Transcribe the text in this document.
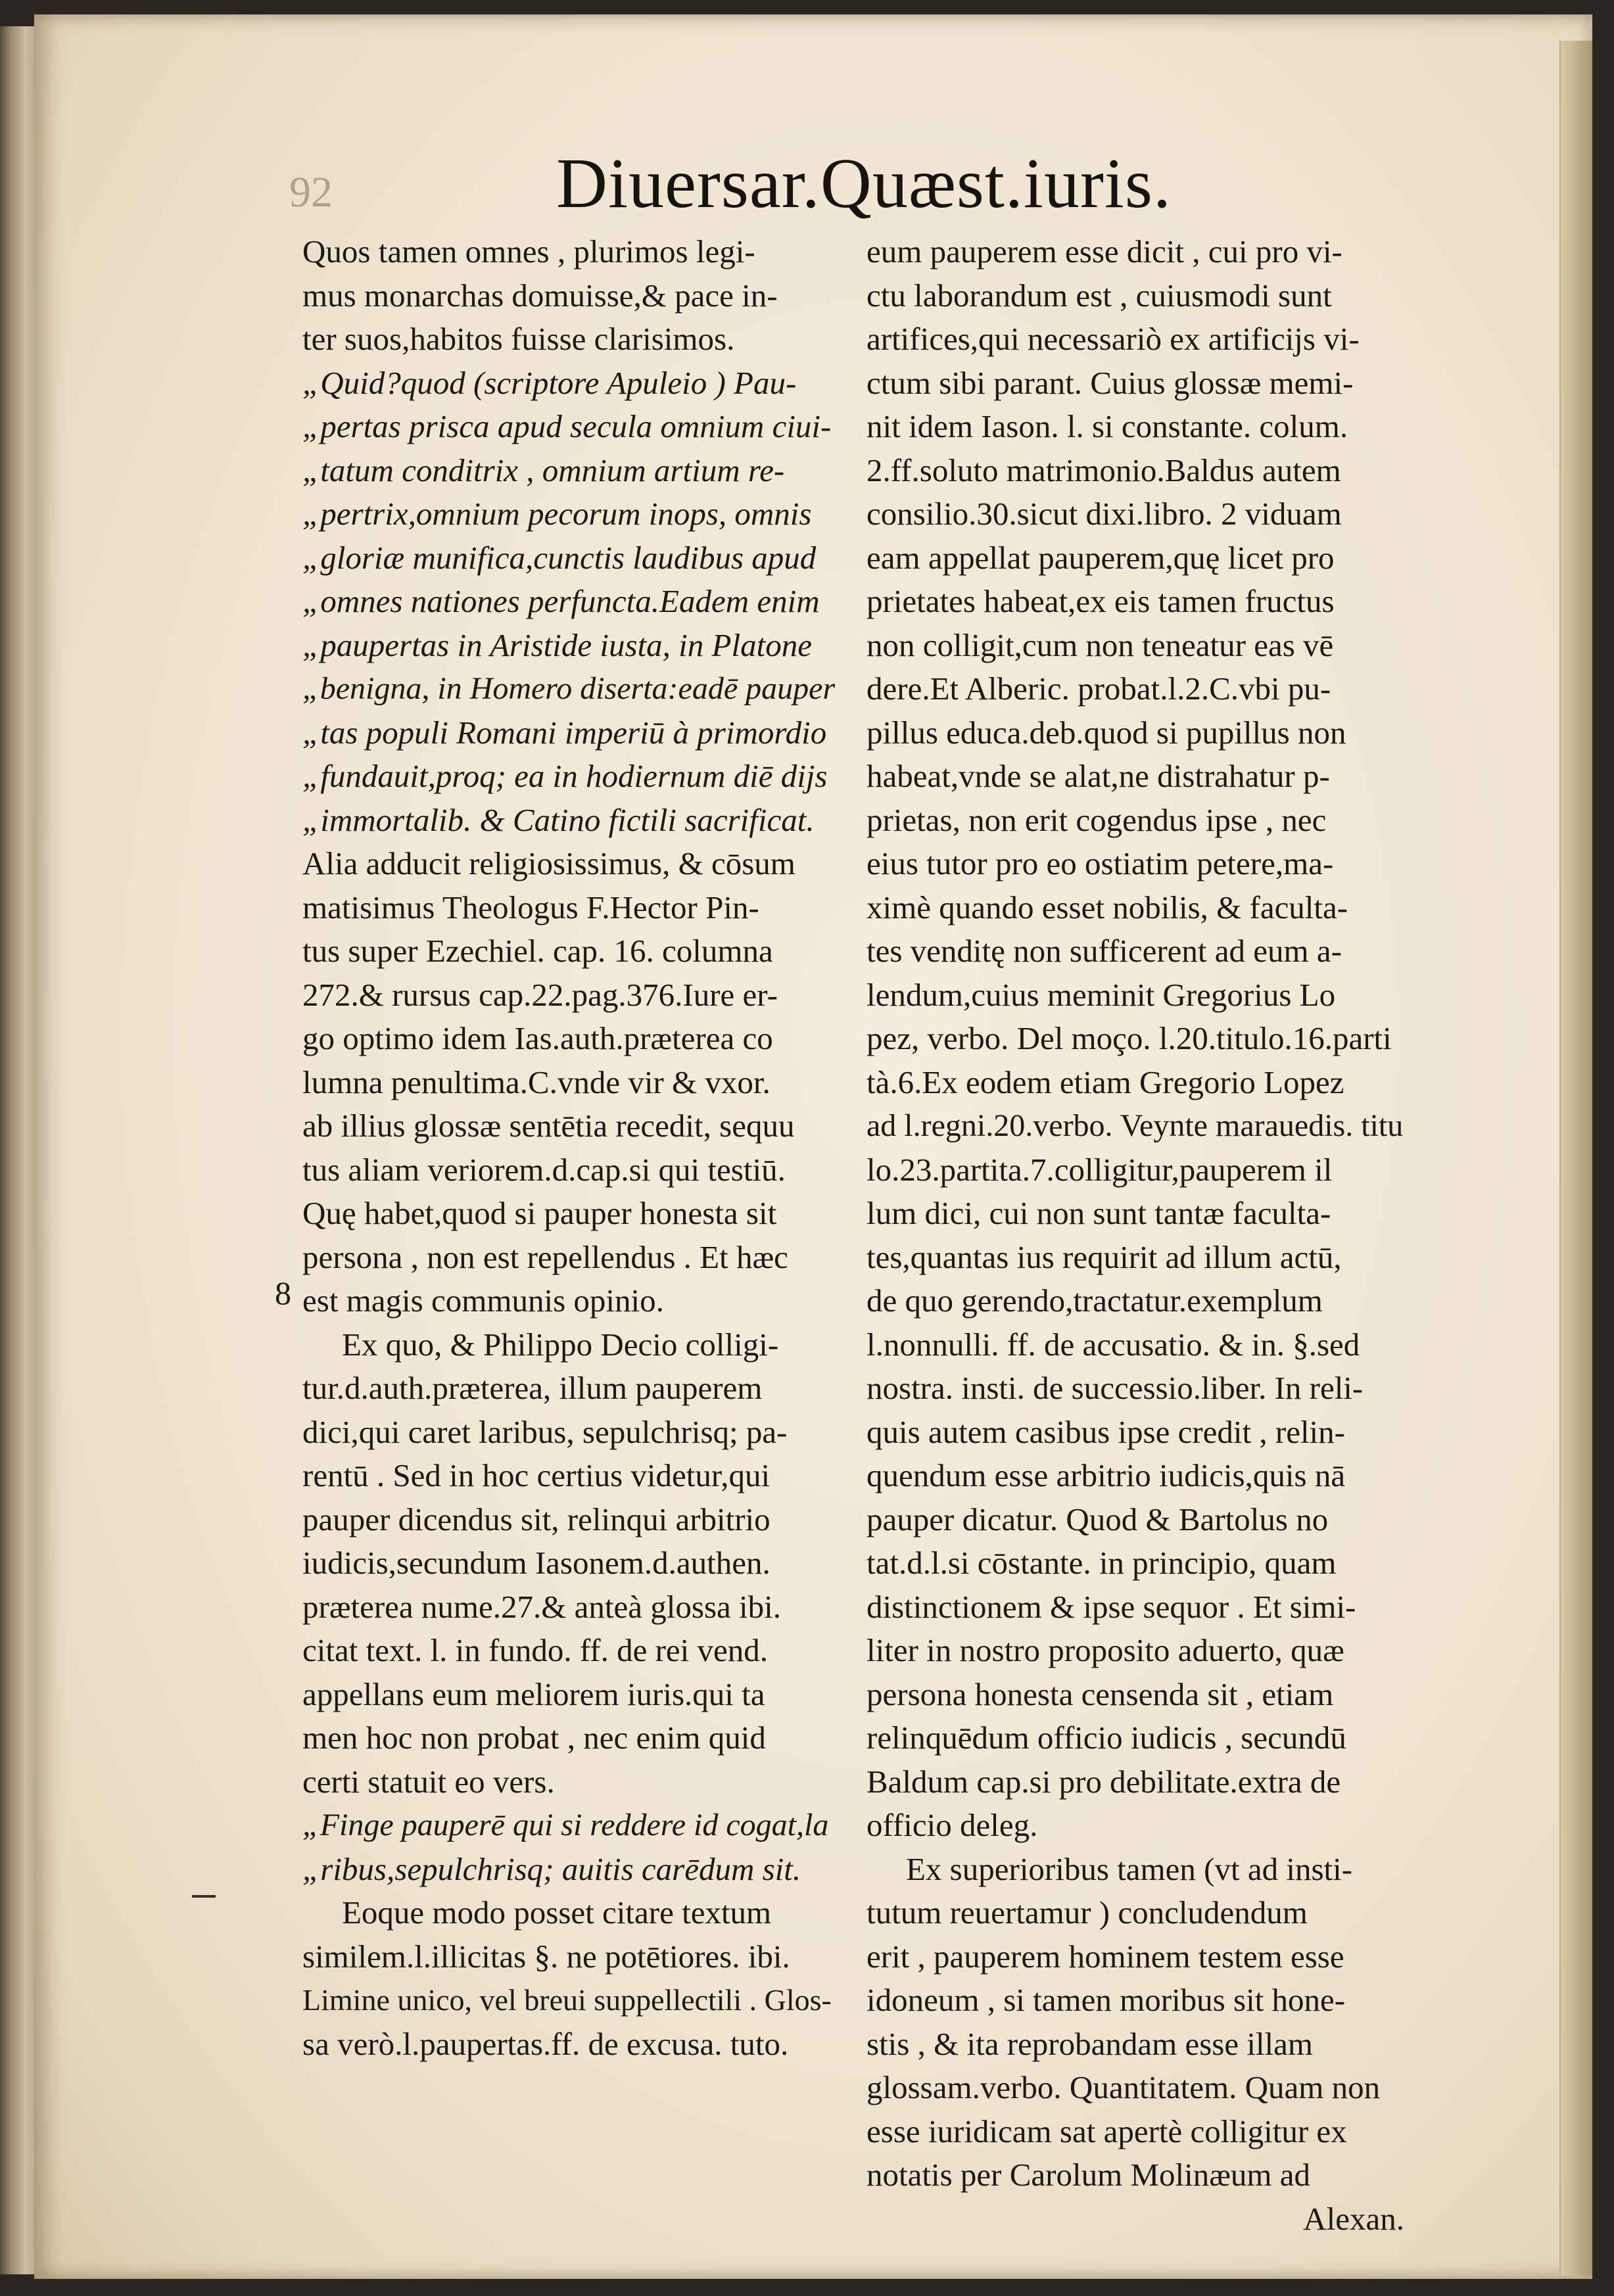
92	Diuersar.Quæst.iuris.
Quos tamen omnes , plurimos legi-
mus monarchas domuisse,& pace in-
ter suos,habitos fuisse clarisimos.
„Quid?quod (scriptore Apuleio ) Pau-
„pertas prisca apud secula omnium ciui-
„tatum conditrix , omnium artium re-
„pertrix,omnium pecorum inops, omnis
„gloriæ munifica,cunctis laudibus apud
„omnes nationes perfuncta.Eadem enim
„paupertas in Aristide iusta, in Platone
„benigna, in Homero diserta:eadē pauper
„tas populi Romani imperiū à primordio
„fundauit,proq; ea in hodiernum diē dijs
„immortalib. & Catino fictili sacrificat.
Alia adducit religiosissimus, & cōsum
matisimus Theologus F.Hector Pin-
tus super Ezechiel. cap. 16. columna
272.& rursus cap.22.pag.376.Iure er-
go optimo idem Ias.auth.præterea co
lumna penultima.C.vnde vir & vxor.
ab illius glossæ sentētia recedit, sequu
tus aliam veriorem.d.cap.si qui testiū.
Quę habet,quod si pauper honesta sit
persona , non est repellendus . Et hæc
est magis communis opinio.
Ex quo, & Philippo Decio colligi-
tur.d.auth.præterea, illum pauperem
dici,qui caret laribus, sepulchrisq; pa-
rentū . Sed in hoc certius videtur,qui
pauper dicendus sit, relinqui arbitrio
iudicis,secundum Iasonem.d.authen.
præterea nume.27.& anteà glossa ibi.
citat text. l. in fundo. ff. de rei vend.
appellans eum meliorem iuris.qui ta
men hoc non probat , nec enim quid
certi statuit eo vers.
„Finge pauperē qui si reddere id cogat,la
„ribus,sepulchrisq; auitis carēdum sit.
Eoque modo posset citare textum
similem.l.illicitas §. ne potētiores. ibi.
Limine unico, vel breui suppellectili . Glos-
sa verò.l.paupertas.ff. de excusa. tuto.
eum pauperem esse dicit , cui pro vi-
ctu laborandum est , cuiusmodi sunt
artifices,qui necessariò ex artificijs vi-
ctum sibi parant. Cuius glossæ memi-
nit idem Iason. l. si constante. colum.
2.ff.soluto matrimonio.Baldus autem
consilio.30.sicut dixi.libro. 2 viduam
eam appellat pauperem,quę licet pro
prietates habeat,ex eis tamen fructus
non colligit,cum non teneatur eas vē
dere.Et Alberic. probat.l.2.C.vbi pu-
pillus educa.deb.quod si pupillus non
habeat,vnde se alat,ne distrahatur p-
prietas, non erit cogendus ipse , nec
eius tutor pro eo ostiatim petere,ma-
ximè quando esset nobilis, & faculta-
tes venditę non sufficerent ad eum a-
lendum,cuius meminit Gregorius Lo
pez, verbo. Del moço. l.20.titulo.16.parti
tà.6.Ex eodem etiam Gregorio Lopez
ad l.regni.20.verbo. Veynte marauedis. titu
lo.23.partita.7.colligitur,pauperem il
lum dici, cui non sunt tantæ faculta-
tes,quantas ius requirit ad illum actū,
de quo gerendo,tractatur.exemplum
l.nonnulli. ff. de accusatio. & in. §.sed
nostra. insti. de successio.liber. In reli-
quis autem casibus ipse credit , relin-
quendum esse arbitrio iudicis,quis nā
pauper dicatur. Quod & Bartolus no
tat.d.l.si cōstante. in principio, quam
distinctionem & ipse sequor . Et simi-
liter in nostro proposito aduerto, quæ
persona honesta censenda sit , etiam
relinquēdum officio iudicis , secundū
Baldum cap.si pro debilitate.extra de
officio deleg.
Ex superioribus tamen (vt ad insti-
tutum reuertamur ) concludendum
erit , pauperem hominem testem esse
idoneum , si tamen moribus sit hone-
stis , & ita reprobandam esse illam
glossam.verbo. Quantitatem. Quam non
esse iuridicam sat apertè colligitur ex
notatis per Carolum Molinæum ad
Alexan.
8
